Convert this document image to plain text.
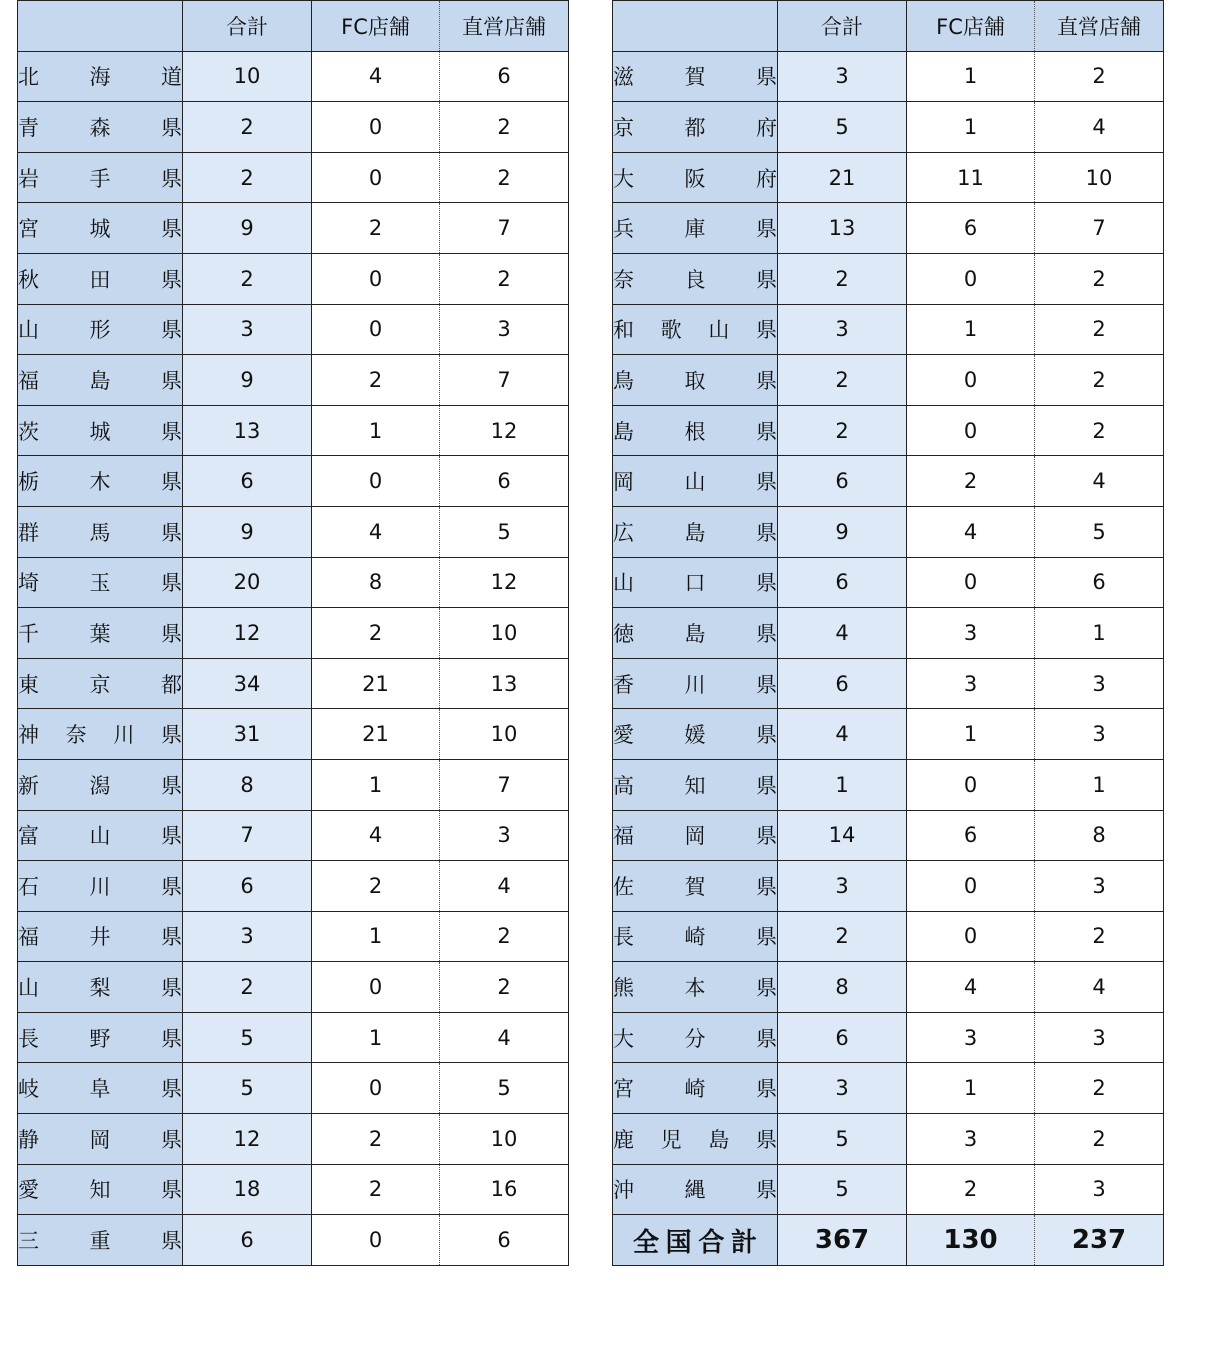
	合計	FC店舗	直営店舗
北海道	10	4	6
青森県	2	0	2
岩手県	2	0	2
宮城県	9	2	7
秋田県	2	0	2
山形県	3	0	3
福島県	9	2	7
茨城県	13	1	12
栃木県	6	0	6
群馬県	9	4	5
埼玉県	20	8	12
千葉県	12	2	10
東京都	34	21	13
神奈川県	31	21	10
新潟県	8	1	7
富山県	7	4	3
石川県	6	2	4
福井県	3	1	2
山梨県	2	0	2
長野県	5	1	4
岐阜県	5	0	5
静岡県	12	2	10
愛知県	18	2	16
三重県	6	0	6
	合計	FC店舗	直営店舗
滋賀県	3	1	2
京都府	5	1	4
大阪府	21	11	10
兵庫県	13	6	7
奈良県	2	0	2
和歌山県	3	1	2
鳥取県	2	0	2
島根県	2	0	2
岡山県	6	2	4
広島県	9	4	5
山口県	6	0	6
徳島県	4	3	1
香川県	6	3	3
愛媛県	4	1	3
高知県	1	0	1
福岡県	14	6	8
佐賀県	3	0	3
長崎県	2	0	2
熊本県	8	4	4
大分県	6	3	3
宮崎県	3	1	2
鹿児島県	5	3	2
沖縄県	5	2	3
全国合計	367	130	237
